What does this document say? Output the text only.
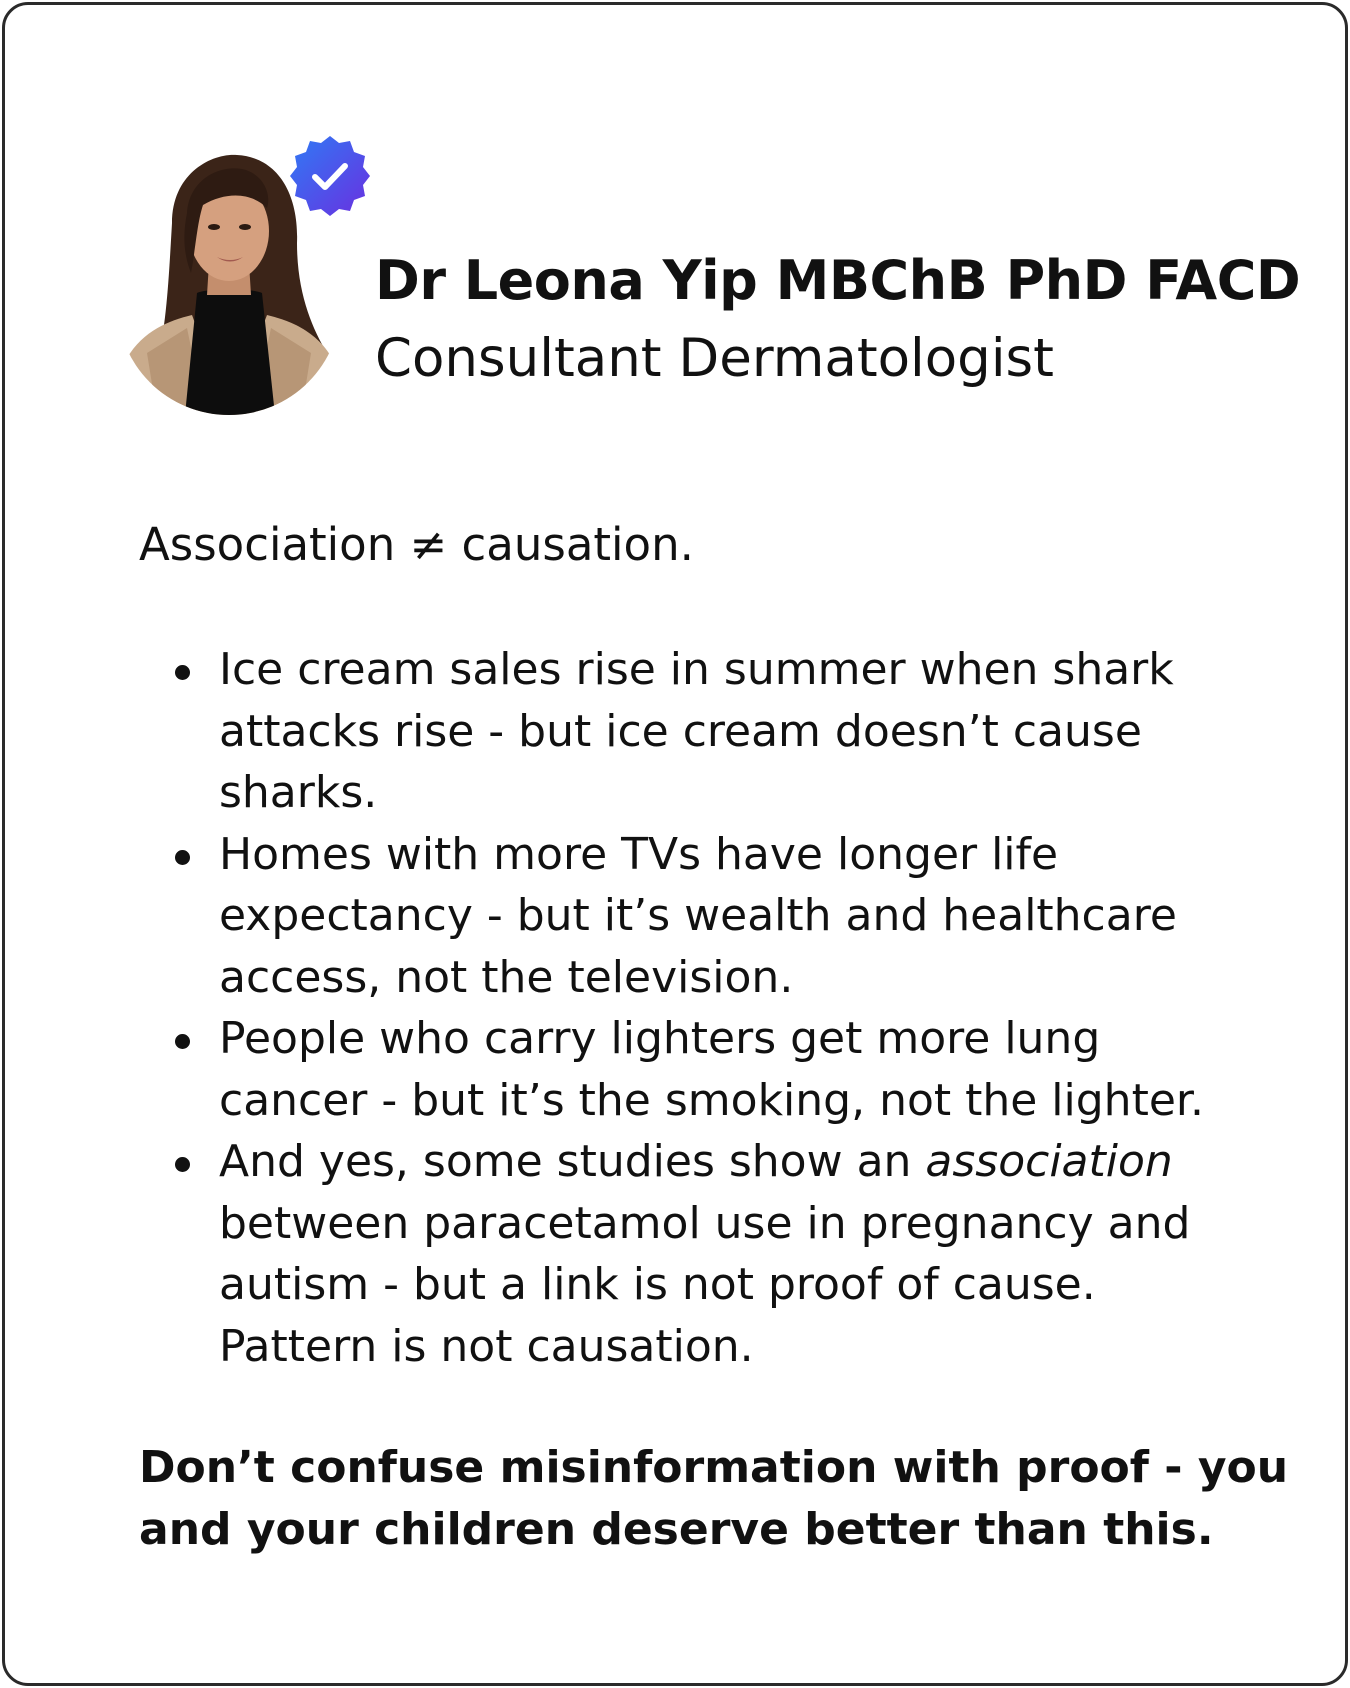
Dr Leona Yip MBChB PhD FACD
Consultant Dermatologist
Association ≠ causation.
Ice cream sales rise in summer when shark
attacks rise - but ice cream doesn’t cause
sharks.
Homes with more TVs have longer life
expectancy - but it’s wealth and healthcare
access, not the television.
People who carry lighters get more lung
cancer - but it’s the smoking, not the lighter.
And yes, some studies show an association
between paracetamol use in pregnancy and
autism - but a link is not proof of cause.
Pattern is not causation.
Don’t confuse misinformation with proof - you
and your children deserve better than this.
